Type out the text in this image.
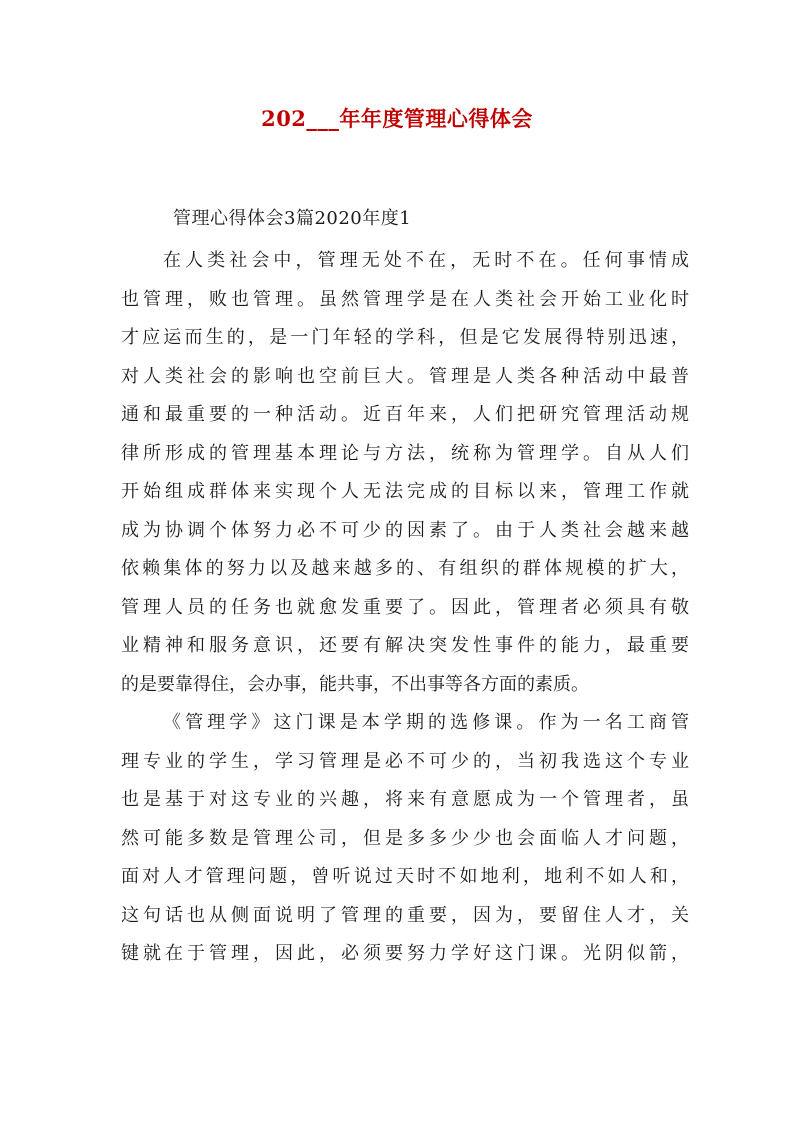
202___年年度管理心得体会
管理心得体会3篇2020年度1
在人类社会中，管理无处不在，无时不在。任何事情成
也管理，败也管理。虽然管理学是在人类社会开始工业化时
才应运而生的，是一门年轻的学科，但是它发展得特别迅速，
对人类社会的影响也空前巨大。管理是人类各种活动中最普
通和最重要的一种活动。近百年来，人们把研究管理活动规
律所形成的管理基本理论与方法，统称为管理学。自从人们
开始组成群体来实现个人无法完成的目标以来，管理工作就
成为协调个体努力必不可少的因素了。由于人类社会越来越
依赖集体的努力以及越来越多的、有组织的群体规模的扩大，
管理人员的任务也就愈发重要了。因此，管理者必须具有敬
业精神和服务意识，还要有解决突发性事件的能力，最重要
的是要靠得住，会办事，能共事，不出事等各方面的素质。
《管理学》这门课是本学期的选修课。作为一名工商管
理专业的学生，学习管理是必不可少的，当初我选这个专业
也是基于对这专业的兴趣，将来有意愿成为一个管理者，虽
然可能多数是管理公司，但是多多少少也会面临人才问题，
面对人才管理问题，曾听说过天时不如地利，地利不如人和，
这句话也从侧面说明了管理的重要，因为，要留住人才，关
键就在于管理，因此，必须要努力学好这门课。光阴似箭，
